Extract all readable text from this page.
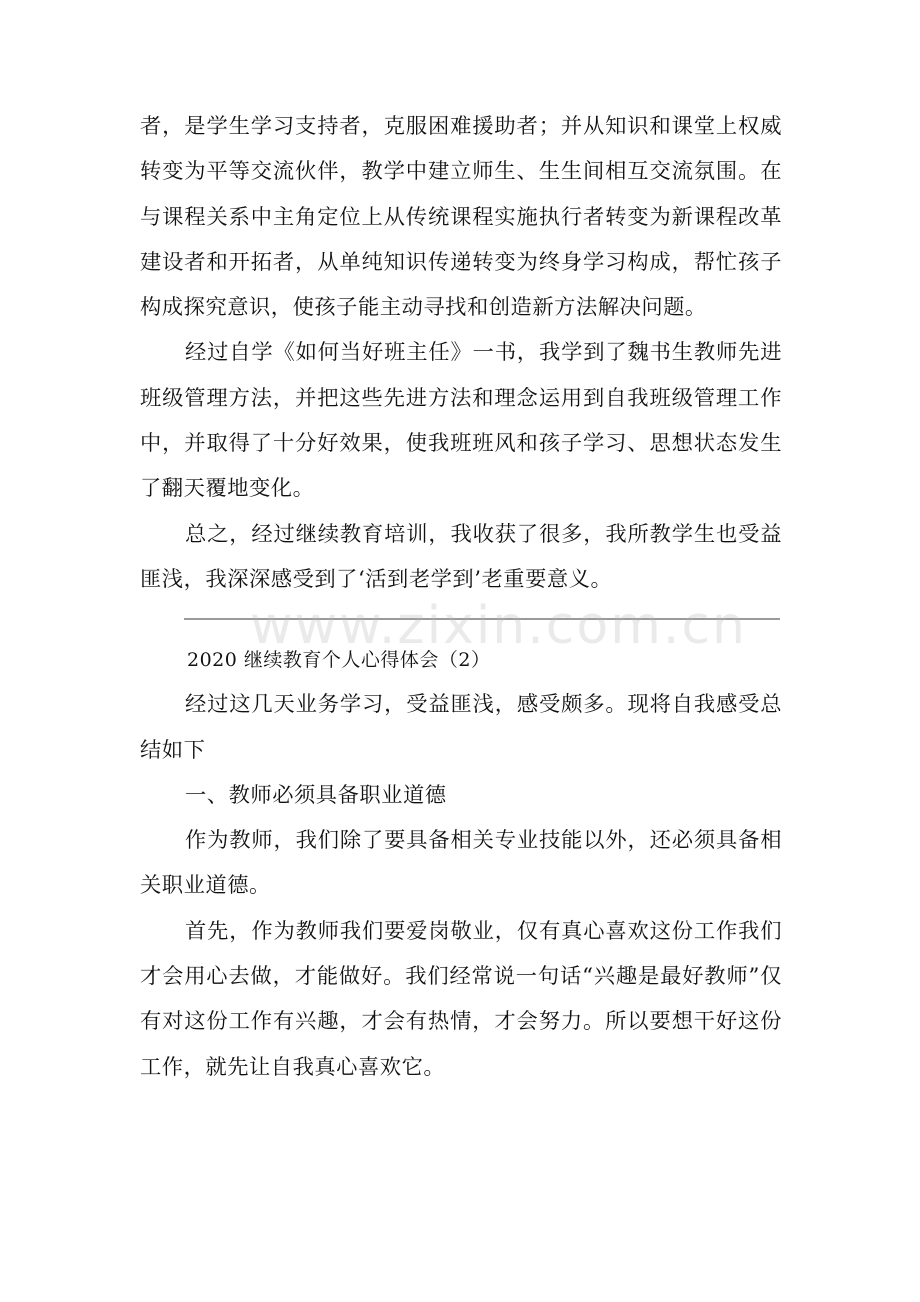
者，是学生学习支持者，克服困难援助者；并从知识和课堂上权威转变为平等交流伙伴，教学中建立师生、生生间相互交流氛围。在与课程关系中主角定位上从传统课程实施执行者转变为新课程改革建设者和开拓者，从单纯知识传递转变为终身学习构成，帮忙孩子构成探究意识，使孩子能主动寻找和创造新方法解决问题。

经过自学《如何当好班主任》一书，我学到了魏书生教师先进班级管理方法，并把这些先进方法和理念运用到自我班级管理工作中，并取得了十分好效果，使我班班风和孩子学习、思想状态发生了翻天覆地变化。

总之，经过继续教育培训，我收获了很多，我所教学生也受益匪浅，我深深感受到了‘活到老学到’老重要意义。

2020 继续教育个人心得体会（2）

经过这几天业务学习，受益匪浅，感受颇多。现将自我感受总结如下

一、教师必须具备职业道德

作为教师，我们除了要具备相关专业技能以外，还必须具备相关职业道德。

首先，作为教师我们要爱岗敬业，仅有真心喜欢这份工作我们才会用心去做，才能做好。我们经常说一句话“兴趣是最好教师”仅有对这份工作有兴趣，才会有热情，才会努力。所以要想干好这份工作，就先让自我真心喜欢它。

www.zixin.com.cn
